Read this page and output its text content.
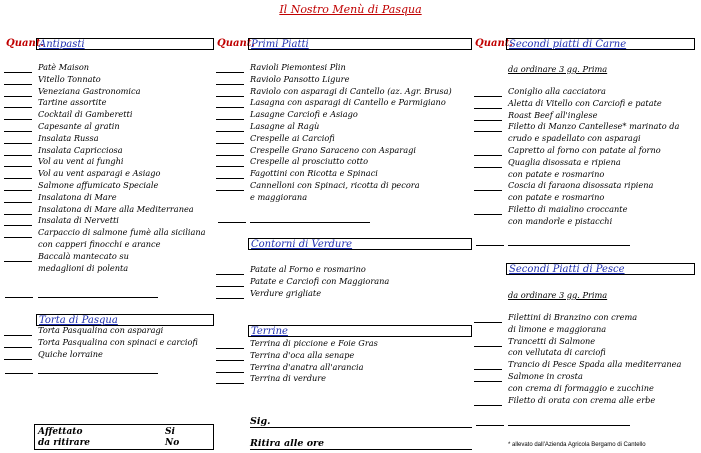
Il Nostro Menù di Pasqua
Quant.
Antipasti	Quant.
Primi Piatti	Quant.
Secondi piatti di Carne
Patè Maison
Vitello Tonnato
Veneziana Gastronomica
Tartine assortite
Cocktail di Gamberetti
Capesante al gratin
Insalata Russa
Insalata Capricciosa
Vol au vent ai funghi
Vol au vent asparagi e Asiago
Salmone affumicato Speciale
Insalatona di Mare
Insalatona di Mare alla Mediterranea
Insalata di Nervetti
Carpaccio di salmone fumè alla siciliana
con capperi finocchi e arance
Baccalà mantecato su
medaglioni di polenta
Torta di Pasqua
Torta Pasqualina con asparagi
Torta Pasqualina con spinaci e carciofi
Quiche lorraine
Ravioli Piemontesi Plin
Raviolo Pansotto Ligure
Raviolo con asparagi di Cantello (az. Agr. Brusa)
Lasagna con asparagi di Cantello e Parmigiano
Lasagne Carciofi e Asiago
Lasagne al Ragù
Crespelle ai Carciofi
Crespelle Grano Saraceno con Asparagi
Crespelle al prosciutto cotto
Fagottini con Ricotta e Spinaci
Cannelloni con Spinaci, ricotta di pecora
e maggiorana
Contorni di Verdure
Patate al Forno e rosmarino
Patate e Carciofi con Maggiorana
Verdure grigliate
Terrine
Terrina di piccione e Foie Gras
Terrina d'oca alla senape
Terrina d'anatra all'arancia
Terrina di verdure
da ordinare 3 gg. Prima
Coniglio alla cacciatora
Aletta di Vitello con Carciofi e patate
Roast Beef all'inglese
Filetto di Manzo Cantellese* marinato da
crudo e spadellato con asparagi
Capretto al forno con patate al forno
Quaglia disossata e ripiena
con patate e rosmarino
Coscia di faraona disossata ripiena
con patate e rosmarino
Filetto di maialino croccante
con mandorle e pistacchi
Secondi Piatti di Pesce
da ordinare 3 gg. Prima
Filettini di Branzino con crema
di limone e maggiorana
Trancetti di Salmone
con vellutata di carciofi
Trancio di Pesce Spada alla mediterranea
Salmone in crosta
con crema di formaggio e zucchine
Filetto di orata con crema alle erbe
Affettato	Si
da ritirare	No
Sig.
Ritira alle ore	* allevato dall'Azienda Agricola Bergamo di Cantello
